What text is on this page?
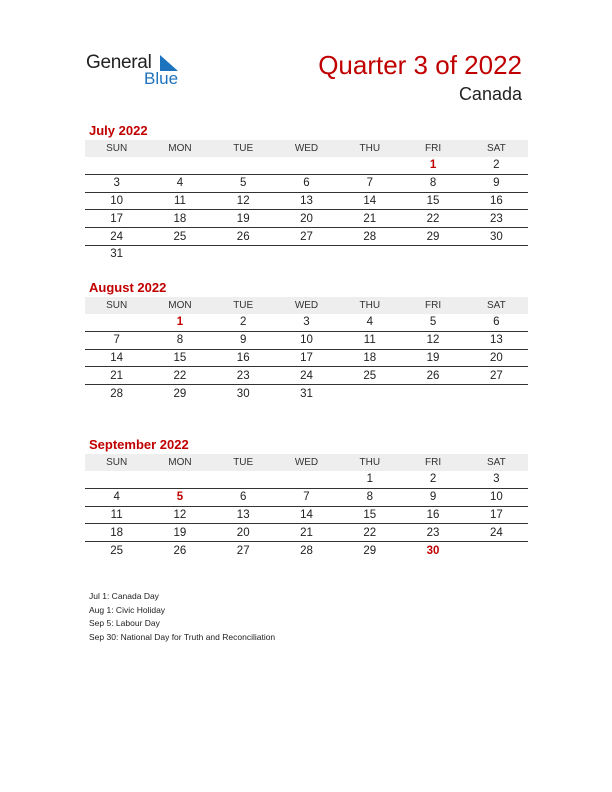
General
Blue	Quarter 3 of 2022
Canada
July 2022
SUN	MON	TUE	WED	THU	FRI	SAT
					1	2
3	4	5	6	7	8	9
10	11	12	13	14	15	16
17	18	19	20	21	22	23
24	25	26	27	28	29	30
31						
August 2022
SUN	MON	TUE	WED	THU	FRI	SAT
	1	2	3	4	5	6
7	8	9	10	11	12	13
14	15	16	17	18	19	20
21	22	23	24	25	26	27
28	29	30	31			
September 2022
SUN	MON	TUE	WED	THU	FRI	SAT
				1	2	3
4	5	6	7	8	9	10
11	12	13	14	15	16	17
18	19	20	21	22	23	24
25	26	27	28	29	30	
Jul 1: Canada Day
Aug 1: Civic Holiday
Sep 5: Labour Day
Sep 30: National Day for Truth and Reconciliation
